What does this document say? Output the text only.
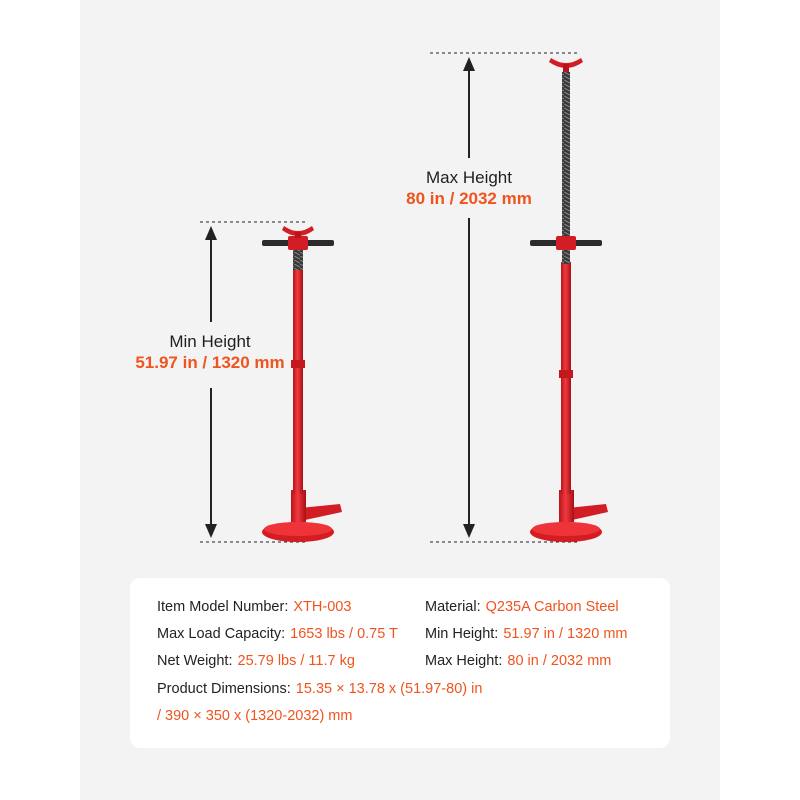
Min Height
51.97 in / 1320 mm
Max Height
80 in / 2032 mm
Item Model Number: XTH-003	Material: Q235A Carbon Steel
Max Load Capacity: 1653 lbs / 0.75 T Min Height: 51.97 in / 1320 mm
Net Weight: 25.79 lbs / 11.7 kg	Max Height: 80 in / 2032 mm
Product Dimensions: 15.35 × 13.78 x (51.97-80) in
/ 390 × 350 x (1320-2032) mm
